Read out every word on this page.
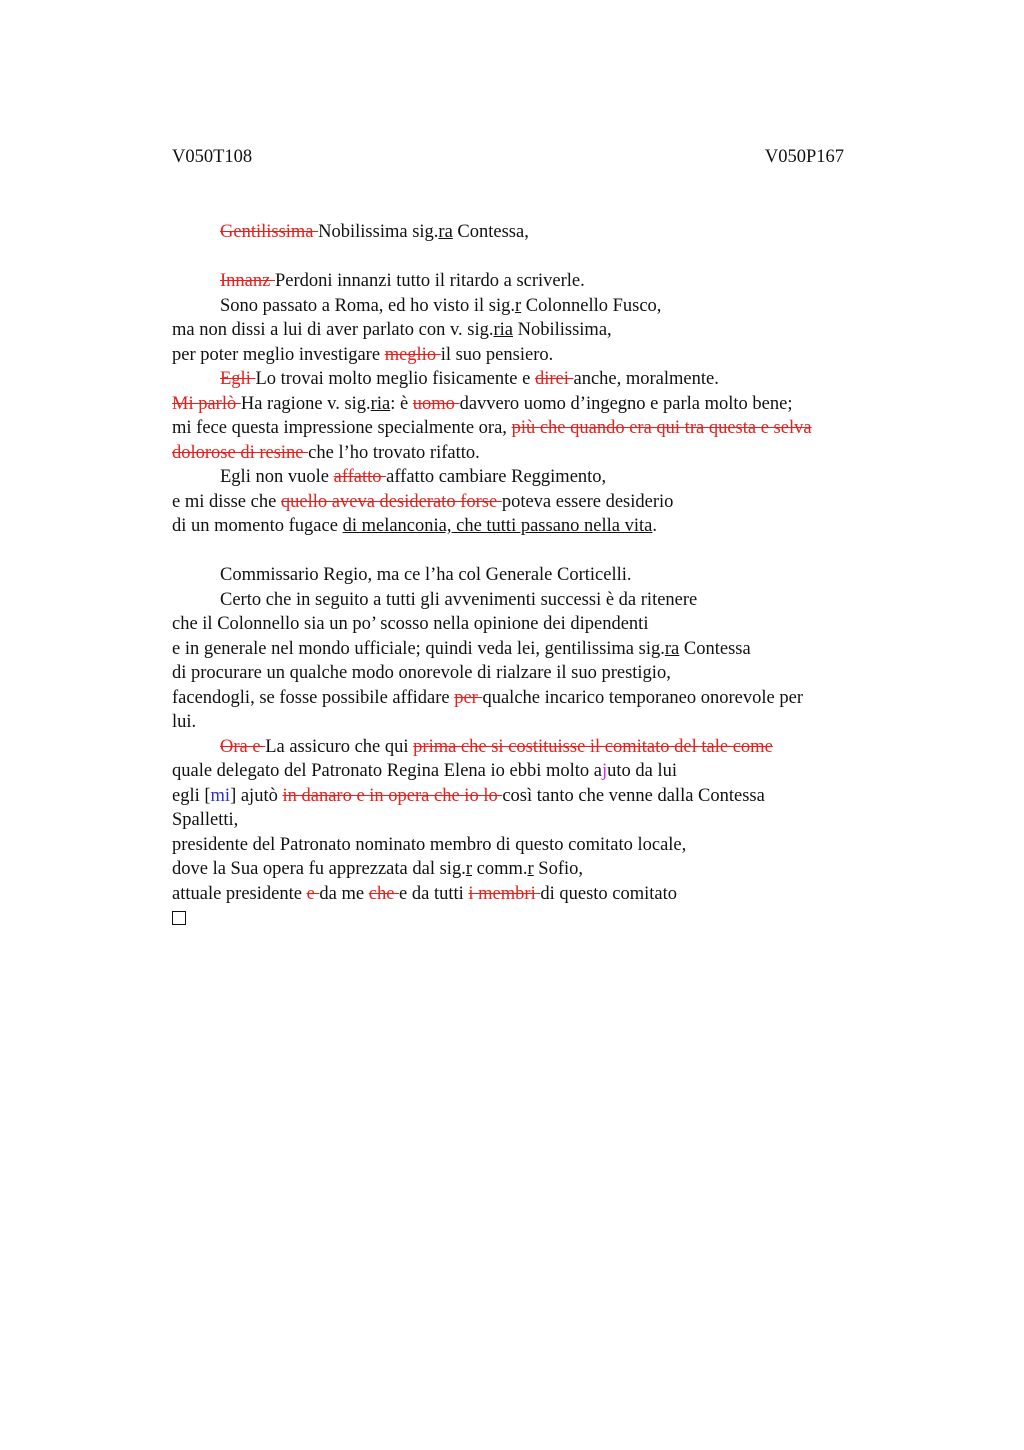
V050T108	V050P167
Gentilissima Nobilissima sig.ra Contessa,
Innanz Perdoni innanzi tutto il ritardo a scriverle.
Sono passato a Roma, ed ho visto il sig.r Colonnello Fusco,
ma non dissi a lui di aver parlato con v. sig.ria Nobilissima,
per poter meglio investigare meglio il suo pensiero.
Egli Lo trovai molto meglio fisicamente e direi anche, moralmente.
Mi parlò Ha ragione v. sig.ria: è uomo davvero uomo d’ingegno e parla molto bene;
mi fece questa impressione specialmente ora, più che quando era qui tra questa e selva
dolorose di resine che l’ho trovato rifatto.
Egli non vuole affatto affatto cambiare Reggimento,
e mi disse che quello aveva desiderato forse poteva essere desiderio
di un momento fugace di melanconia, che tutti passano nella vita.
Commissario Regio, ma ce l’ha col Generale Corticelli.
Certo che in seguito a tutti gli avvenimenti successi è da ritenere
che il Colonnello sia un po’ scosso nella opinione dei dipendenti
e in generale nel mondo ufficiale; quindi veda lei, gentilissima sig.ra Contessa
di procurare un qualche modo onorevole di rialzare il suo prestigio,
facendogli, se fosse possibile affidare per qualche incarico temporaneo onorevole per
lui.
Ora e La assicuro che qui prima che si costituisse il comitato del tale come
quale delegato del Patronato Regina Elena io ebbi molto ajuto da lui
egli [mi] ajutò in danaro e in opera che io lo così tanto che venne dalla Contessa
Spalletti,
presidente del Patronato nominato membro di questo comitato locale,
dove la Sua opera fu apprezzata dal sig.r comm.r Sofio,
attuale presidente e da me che e da tutti i membri di questo comitato
